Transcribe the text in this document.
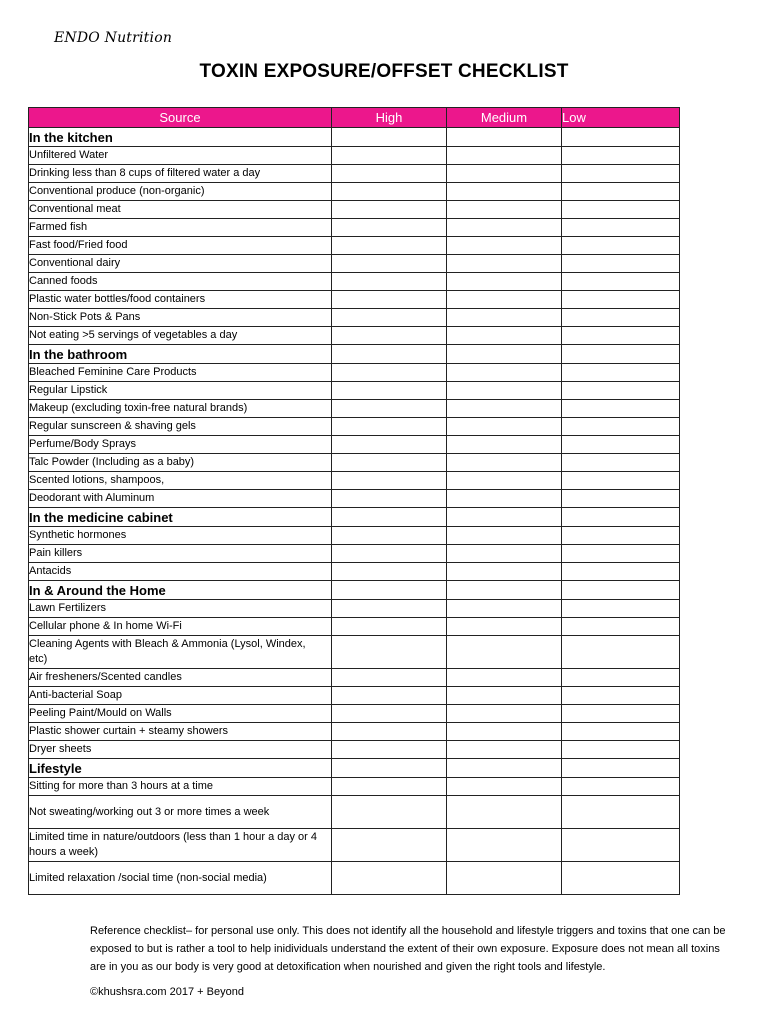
ENDO Nutrition
TOXIN EXPOSURE/OFFSET CHECKLIST
Source	High	Medium	Low
In the kitchen			
Unfiltered Water			
Drinking less than 8 cups of filtered water a day			
Conventional produce (non-organic)			
Conventional meat			
Farmed fish			
Fast food/Fried food			
Conventional dairy			
Canned foods			
Plastic water bottles/food containers			
Non-Stick Pots & Pans			
Not eating >5 servings of vegetables a day			
In the bathroom			
Bleached Feminine Care Products			
Regular Lipstick			
Makeup (excluding toxin-free natural brands)			
Regular sunscreen & shaving gels			
Perfume/Body Sprays			
Talc Powder (Including as a baby)			
Scented lotions, shampoos,			
Deodorant with Aluminum			
In the medicine cabinet			
Synthetic hormones			
Pain killers			
Antacids			
In & Around the Home			
Lawn Fertilizers			
Cellular phone & In home Wi-Fi			
Cleaning Agents with Bleach & Ammonia (Lysol, Windex, etc)			
Air fresheners/Scented candles			
Anti-bacterial Soap			
Peeling Paint/Mould on Walls			
Plastic shower curtain + steamy showers			
Dryer sheets			
Lifestyle			
Sitting for more than 3 hours at a time			
Not sweating/working out 3 or more times a week			
Limited time in nature/outdoors (less than 1 hour a day or 4 hours a week)			
Limited relaxation /social time (non-social media)			
Reference checklist– for personal use only. This does not identify all the household and lifestyle triggers and toxins that one can be exposed to but is rather a tool to help inidividuals understand the extent of their own exposure. Exposure does not mean all toxins are in you as our body is very good at detoxification when nourished and given the right tools and lifestyle.
©khushsra.com 2017 + Beyond
